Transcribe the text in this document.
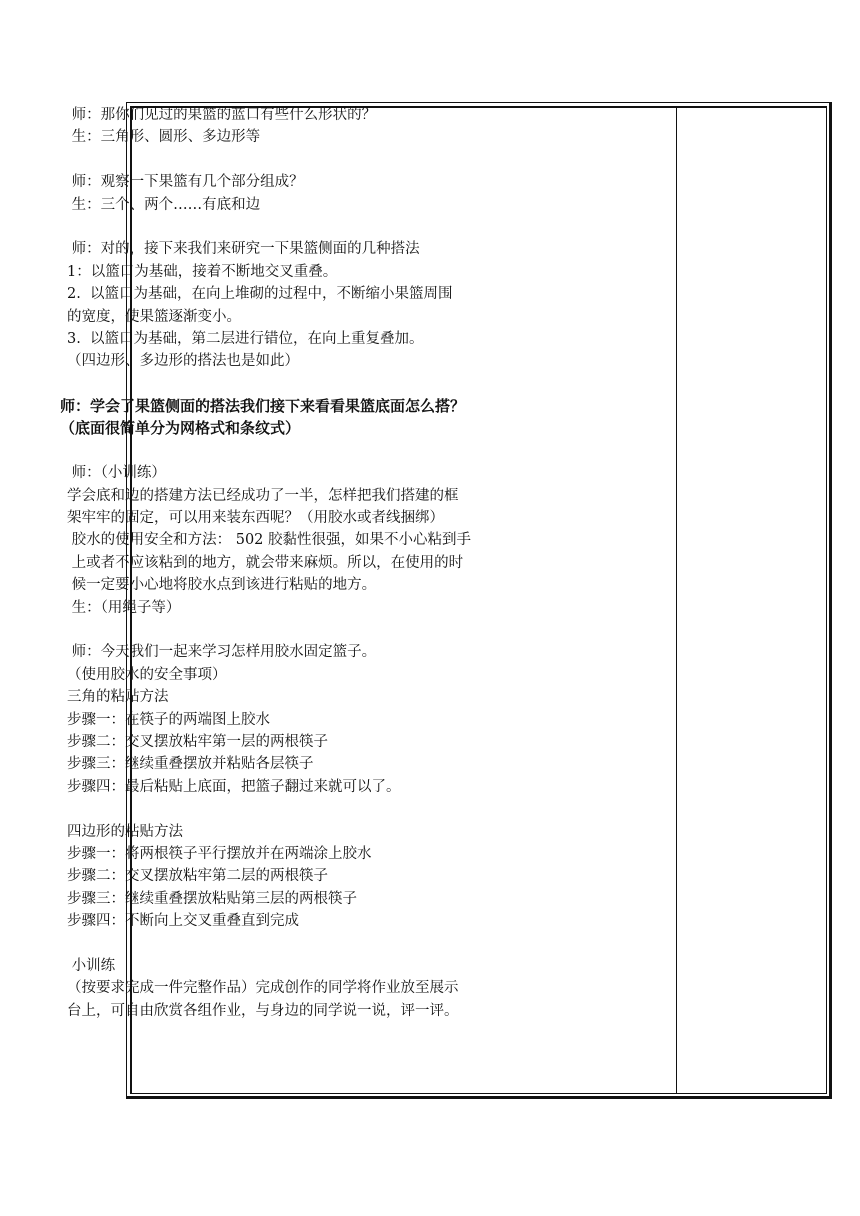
师：那你们见过的果篮的蓝口有些什么形状的？
生：三角形、圆形、多边形等
师：观察一下果篮有几个部分组成？
生：三个、两个……有底和边
师：对的，接下来我们来研究一下果篮侧面的几种搭法
1：以篮口为基础，接着不断地交叉重叠。
2.  以篮口为基础，在向上堆砌的过程中，不断缩小果篮周围
的宽度，使果篮逐渐变小。
3.  以篮口为基础，第二层进行错位，在向上重复叠加。
（四边形、多边形的搭法也是如此）
师：学会了果篮侧面的搭法我们接下来看看果篮底面怎么搭？
（底面很简单分为网格式和条纹式）
师：（小训练）
学会底和边的搭建方法已经成功了一半，怎样把我们搭建的框
架牢牢的固定，可以用来装东西呢？（用胶水或者线捆绑）
胶水的使用安全和方法： 502 胶黏性很强，如果不小心粘到手
上或者不应该粘到的地方，就会带来麻烦。所以，在使用的时
候一定要小心地将胶水点到该进行粘贴的地方。
生：（用绳子等）
师：今天我们一起来学习怎样用胶水固定篮子。
（使用胶水的安全事项）
三角的粘贴方法
步骤一：在筷子的两端图上胶水
步骤二：交叉摆放粘牢第一层的两根筷子
步骤三：继续重叠摆放并粘贴各层筷子
步骤四：最后粘贴上底面，把篮子翻过来就可以了。
四边形的粘贴方法
步骤一：将两根筷子平行摆放并在两端涂上胶水
步骤二：交叉摆放粘牢第二层的两根筷子
步骤三：继续重叠摆放粘贴第三层的两根筷子
步骤四：不断向上交叉重叠直到完成
小训练
（按要求完成一件完整作品）完成创作的同学将作业放至展示
台上，可自由欣赏各组作业，与身边的同学说一说，评一评。
